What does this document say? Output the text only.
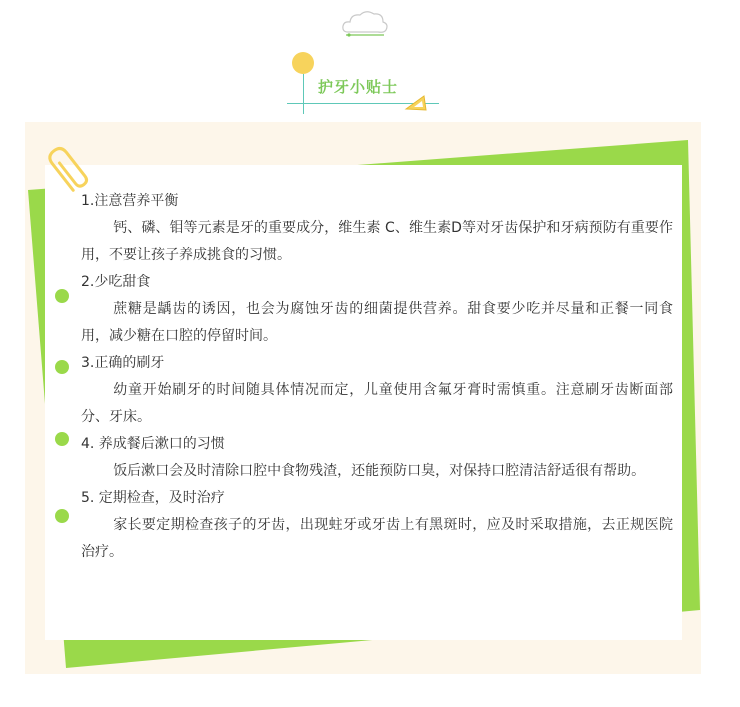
护牙小贴士

1.注意营养平衡

钙、磷、钼等元素是牙的重要成分，维生素 C、维生素D等对牙齿保护和牙病预防有重要作用，不要让孩子养成挑食的习惯。

2.少吃甜食

蔗糖是龋齿的诱因，也会为腐蚀牙齿的细菌提供营养。甜食要少吃并尽量和正餐一同食用，减少糖在口腔的停留时间。

3.正确的刷牙

幼童开始刷牙的时间随具体情况而定，儿童使用含氟牙膏时需慎重。注意刷牙齿断面部分、牙床。

4. 养成餐后漱口的习惯

饭后漱口会及时清除口腔中食物残渣，还能预防口臭，对保持口腔清洁舒适很有帮助。

5. 定期检查，及时治疗

家长要定期检查孩子的牙齿，出现蛀牙或牙齿上有黑斑时，应及时采取措施，去正规医院治疗。
